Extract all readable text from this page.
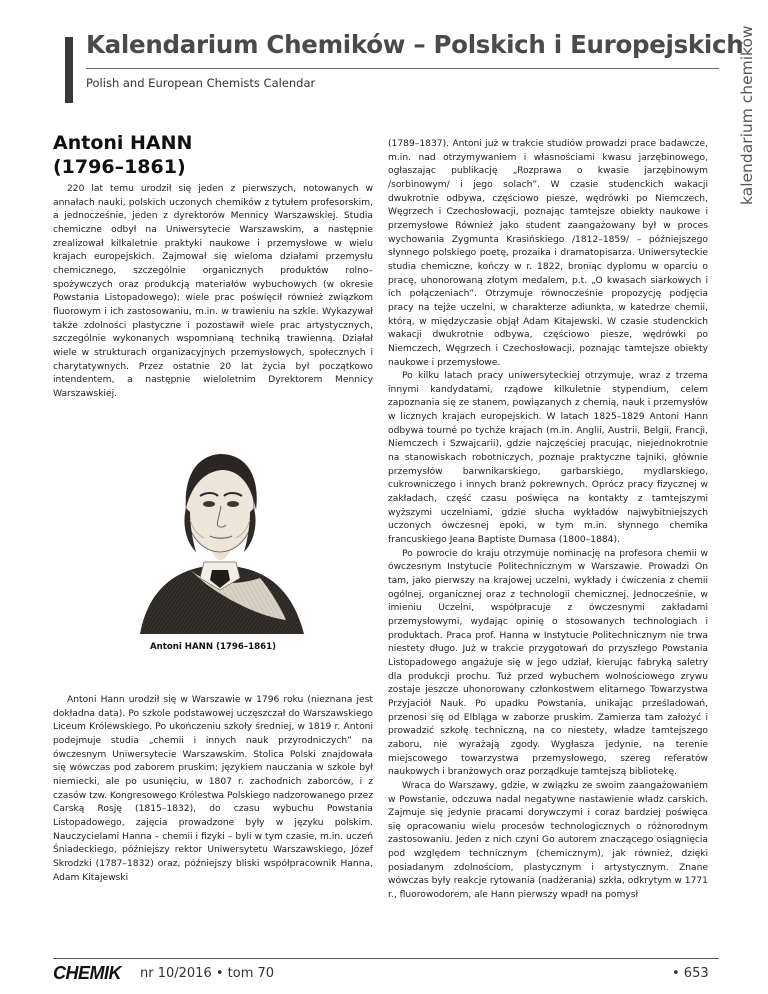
Kalendarium Chemików – Polskich i Europejskich
Polish and European Chemists Calendar	kalendarium chemików
Antoni HANN
(1796–1861)

220 lat temu urodził się jeden z pierwszych, notowanych w annałach nauki, polskich uczonych chemików z tytułem profesorskim, a jednocześnie, jeden z dyrektorów Mennicy Warszawskiej. Studia chemiczne odbył na Uniwersytecie Warszawskim, a następnie zrealizował kilkaletnie praktyki naukowe i przemysłowe w wielu krajach europejskich. Zajmował się wieloma działami przemysłu chemicznego, szczególnie organicznych produktów rolno–spożywczych oraz produkcją materiałów wybuchowych (w okresie Powstania Listopadowego); wiele prac poświęcił również związkom fluorowym i ich zastosowaniu, m.in. w trawieniu na szkle. Wykazywał także zdolności plastyczne i pozostawił wiele prac artystycznych, szczególnie wykonanych wspomnianą techniką trawienną. Działał wiele w strukturach organizacyjnych przemysłowych, społecznych i charytatywnych. Przez ostatnie 20 lat życia był początkowo intendentem, a następnie wieloletnim Dyrektorem Mennicy Warszawskiej.

Antoni HANN (1796–1861)

Antoni Hann urodził się w Warszawie w 1796 roku (nieznana jest dokładna data). Po szkole podstawowej uczęszczał do Warszawskiego Liceum Królewskiego. Po ukończeniu szkoły średniej, w 1819 r. Antoni podejmuje studia „chemii i innych nauk przyrodniczych” na ówczesnym Uniwersytecie Warszawskim. Stolica Polski znajdowała się wówczas pod zaborem pruskim; językiem nauczania w szkole był niemiecki, ale po usunięciu, w 1807 r. zachodnich zaborców, i z czasów tzw. Kongresowego Królestwa Polskiego nadzorowanego przez Carską Rosję (1815–1832), do czasu wybuchu Powstania Listopadowego, zajęcia prowadzone były w języku polskim. Nauczycielami Hanna – chemii i fizyki – byli w tym czasie, m.in. uczeń Śniadeckiego, późniejszy rektor Uniwersytetu Warszawskiego, Józef Skrodzki (1787–1832) oraz, późniejszy bliski współpracownik Hanna, Adam Kitajewski

(1789–1837). Antoni już w trakcie studiów prowadzi prace badawcze, m.in. nad otrzymywaniem i własnościami kwasu jarzębinowego, ogłaszając publikację „Rozprawa o kwasie jarzębinowym /sorbinowym/ i jego solach”. W czasie studenckich wakacji dwukrotnie odbywa, częściowo piesze, wędrówki po Niemczech, Węgrzech i Czechosłowacji, poznając tamtejsze obiekty naukowe i przemysłowe Również jako student zaangażowany był w proces wychowania Zygmunta Krasińskiego /1812–1859/ – późniejszego słynnego polskiego poetę, prozaika i dramatopisarza. Uniwersyteckie studia chemiczne, kończy w r. 1822, broniąc dyplomu w oparciu o pracę, uhonorowaną złotym medalem, p.t. „O kwasach siarkowych i ich połączeniach”. Otrzymuje równocześnie propozycję podjęcia pracy na tejże uczelni, w charakterze adiunkta, w katedrze chemii, którą, w międzyczasie objął Adam Kitajewski. W czasie studenckich wakacji dwukrotnie odbywa, częściowo piesze, wędrówki po Niemczech, Węgrzech i Czechosłowacji, poznając tamtejsze obiekty naukowe i przemysłowe.

Po kilku latach pracy uniwersyteckiej otrzymuje, wraz z trzema innymi kandydatami, rządowe kilkuletnie stypendium, celem zapoznania się ze stanem, powiązanych z chemią, nauk i przemysłów w licznych krajach europejskich. W latach 1825–1829 Antoni Hann odbywa tourné po tychże krajach (m.in. Anglii, Austrii, Belgii, Francji, Niemczech i Szwajcarii), gdzie najczęściej pracując, niejednokrotnie na stanowiskach robotniczych, poznaje praktyczne tajniki, głównie przemysłów barwnikarskiego, garbarskiego, mydlarskiego, cukrowniczego i innych branż pokrewnych. Oprócz pracy fizycznej w zakładach, część czasu poświęca na kontakty z tamtejszymi wyższymi uczelniami, gdzie słucha wykładów najwybitniejszych uczonych ówczesnej epoki, w tym m.in. słynnego chemika francuskiego Jeana Baptiste Dumasa (1800–1884).

Po powrocie do kraju otrzymuje nominację na profesora chemii w ówczesnym Instytucie Politechnicznym w Warszawie. Prowadzi On tam, jako pierwszy na krajowej uczelni, wykłady i ćwiczenia z chemii ogólnej, organicznej oraz z technologii chemicznej. Jednocześnie, w imieniu Uczelni, współpracuje z ówczesnymi zakładami przemysłowymi, wydając opinię o stosowanych technologiach i produktach. Praca prof. Hanna w Instytucie Politechnicznym nie trwa niestety długo. Już w trakcie przygotowań do przyszłego Powstania Listopadowego angażuje się w jego udział, kierując fabryką saletry dla produkcji prochu. Tuż przed wybuchem wolnościowego zrywu zostaje jeszcze uhonorowany członkostwem elitarnego Towarzystwa Przyjaciół Nauk. Po upadku Powstania, unikając prześladowań, przenosi się od Elbląga w zaborze pruskim. Zamierza tam założyć i prowadzić szkołę techniczną, na co niestety, władze tamtejszego zaboru, nie wyrażają zgody. Wygłasza jedynie, na terenie miejscowego towarzystwa przemysłowego, szereg referatów naukowych i branżowych oraz porządkuje tamtejszą bibliotekę.

Wraca do Warszawy, gdzie, w związku ze swoim zaangażowaniem w Powstanie, odczuwa nadal negatywne nastawienie władz carskich. Zajmuje się jedynie pracami dorywczymi i coraz bardziej poświęca się opracowaniu wielu procesów technologicznych o różnorodnym zastosowaniu. Jeden z nich czyni Go autorem znaczącego osiągnięcia pod względem technicznym (chemicznym), jak również, dzięki posiadanym zdolnościom, plastycznym i artystycznym. Znane wówczas były reakcje rytowania (nadżerania) szkła, odkrytym w 1771 r., fluorowodorem, ale Hann pierwszy wpadł na pomysł

CHEMIK nr 10/2016 • tom 70	• 653
